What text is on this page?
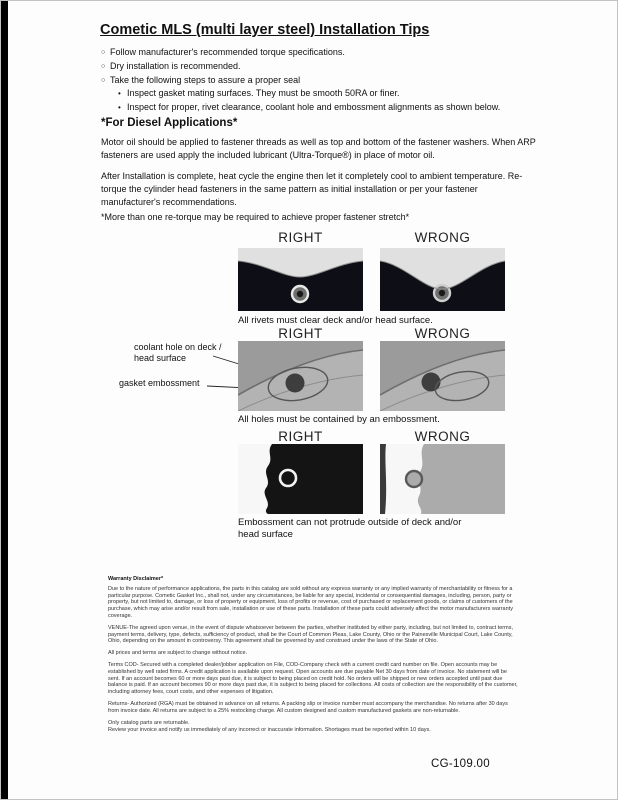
Cometic MLS (multi layer steel) Installation Tips
○ Follow manufacturer's recommended torque specifications.
○ Dry installation is recommended.
○ Take the following steps to assure a proper seal
• Inspect gasket mating surfaces. They must be smooth 50RA or finer.
• Inspect for proper, rivet clearance, coolant hole and embossment alignments as shown below.
*For Diesel Applications*

Motor oil should be applied to fastener threads as well as top and bottom of the fastener washers. When ARP fasteners are used apply the included lubricant (Ultra-Torque®) in place of motor oil.

After Installation is complete, heat cycle the engine then let it completely cool to ambient temperature. Re-torque the cylinder head fasteners in the same pattern as initial installation or per your fastener manufacturer's recommendations.

*More than one re-torque may be required to achieve proper fastener stretch*

RIGHT	WRONG
All rivets must clear deck and/or head surface.
RIGHT	WRONG
coolant hole on deck / head surface
gasket embossment
All holes must be contained by an embossment.
RIGHT	WRONG
Embossment can not protrude outside of deck and/or head surface
Warranty Disclaimer*

Due to the nature of performance applications, the parts in this catalog are sold without any express warranty or any implied warranty of merchantability or fitness for a particular purpose. Cometic Gasket Inc., shall not, under any circumstances, be liable for any special, incidental or consequential damages, including, person, party or property, but not limited to, damage, or loss of property or equipment, loss of profits or revenue, cost of purchased or replacement goods, or claims of customers of the purchase, which may arise and/or result from sale, installation or use of these parts. Installation of these parts could adversely affect the motor manufacturers warranty coverage.

VENUE-The agreed upon venue, in the event of dispute whatsoever between the parties, whether instituted by either party, including, but not limited to, contract terms, payment terms, delivery, type, defects, sufficiency of product, shall be the Court of Common Pleas, Lake County, Ohio or the Painesville Municipal Court, Lake County, Ohio, depending on the amount in controversy. This agreement shall be governed by and construed under the laws of the State of Ohio.

All prices and terms are subject to change without notice.

Terms COD- Secured with a completed dealer/jobber application on File, COD-Company check with a current credit card number on file. Open accounts may be established by well rated firms. A credit application is available upon request. Open accounts are due payable Net 30 days from date of invoice. No statement will be sent. If an account becomes 60 or more days past due, it is subject to being placed on credit hold. No orders will be shipped or new orders accepted until past due balance is paid. If an account becomes 90 or more days past due, it is subject to being placed for collections. All costs of collection are the responsibility of the customer, including attorney fees, court costs, and other expenses of litigation.

Returns- Authorized (RGA) must be obtained in advance on all returns. A packing slip or invoice number must accompany the merchandise. No returns after 30 days from invoice date. All returns are subject to a 25% restocking charge. All custom designed and custom manufactured gaskets are non-returnable.

Only catalog parts are returnable.

Review your invoice and notify us immediately of any incorrect or inaccurate information. Shortages must be reported within 10 days.

CG-109.00
